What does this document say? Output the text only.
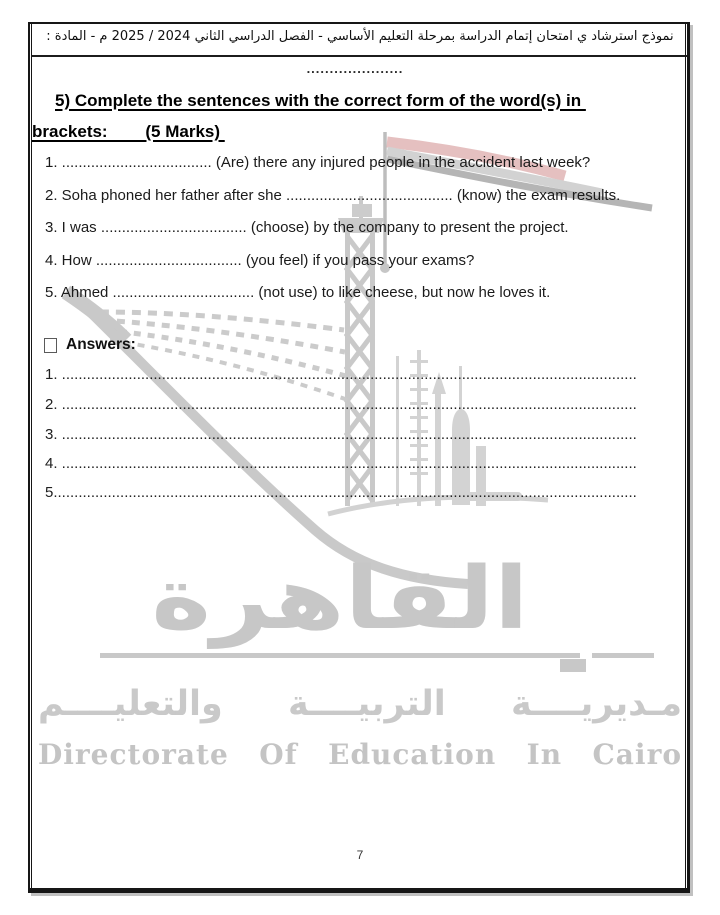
القاهرة
مـديريــــة التربيــــة والتعليــــم
Directorate Of Education In Cairo
نموذج استرشاد ي امتحان إتمام الدراسة بمرحلة التعليم الأساسي - الفصل الدراسي الثاني 2024 / 2025 م - المادة :
.....................
5) Complete the sentences with the correct form of the word(s) in
brackets:        (5 Marks)
1. .................................... (Are) there any injured people in the accident last week?
2. Soha phoned her father after she ........................................ (know) the exam results.
3. I was ................................... (choose) by the company to present the project.
4. How ................................... (you feel) if you pass your exams?
5. Ahmed .................................. (not use) to like cheese, but now he loves it.
Answers:
1. ..........................................................................................................................................
2. ..........................................................................................................................................
3. ..........................................................................................................................................
4. ..........................................................................................................................................
5............................................................................................................................................
7
